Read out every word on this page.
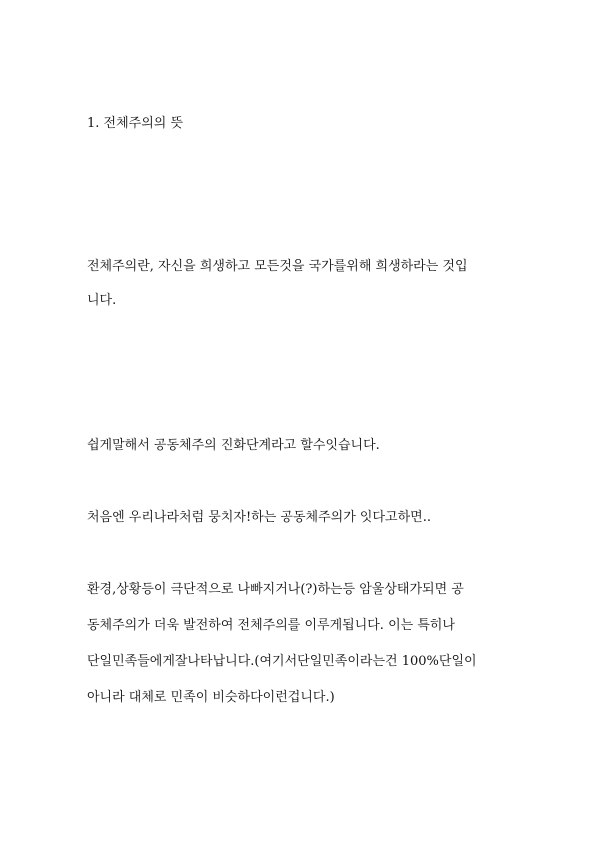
1. 전체주의의 뜻
전체주의란, 자신을 희생하고 모든것을 국가를위해 희생하라는 것입
니다.
쉽게말해서 공동체주의 진화단계라고 할수잇습니다.
처음엔 우리나라처럼 뭉치자!하는 공동체주의가 잇다고하면..
환경,상황등이 극단적으로 나빠지거나(?)하는등 암울상태가되면 공
동체주의가 더욱 발전하여 전체주의를 이루게됩니다. 이는 특히나
단일민족들에게잘나타납니다.(여기서단일민족이라는건 100%단일이
아니라 대체로 민족이 비슷하다이런겁니다.)
